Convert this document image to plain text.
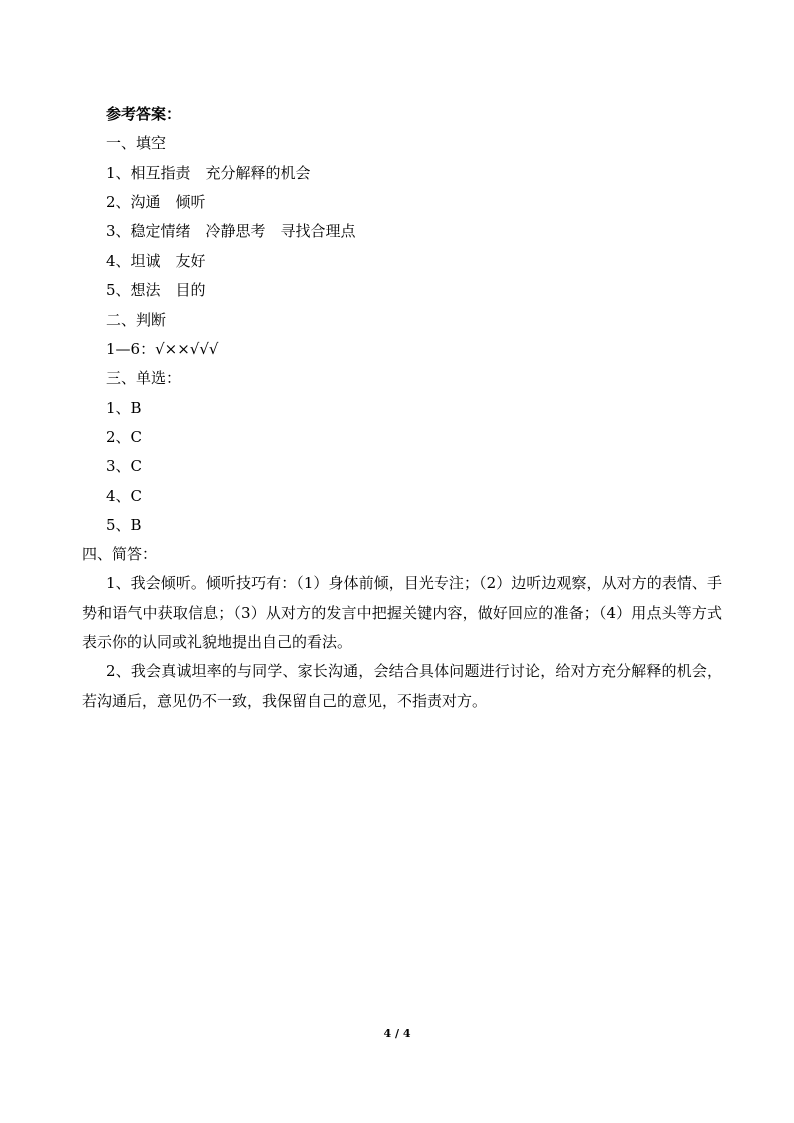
参考答案：
一、填空
1、相互指责　充分解释的机会
2、沟通　倾听
3、稳定情绪　冷静思考　寻找合理点
4、坦诚　友好
5、想法　目的
二、判断
1—6：√××√√√
三、单选：
1、B
2、C
3、C
4、C
5、B
四、简答：
1、我会倾听。倾听技巧有：（1）身体前倾，目光专注；（2）边听边观察，从对方的表情、手势和语气中获取信息；（3）从对方的发言中把握关键内容，做好回应的准备；（4）用点头等方式表示你的认同或礼貌地提出自己的看法。
2、我会真诚坦率的与同学、家长沟通，会结合具体问题进行讨论，给对方充分解释的机会，若沟通后，意见仍不一致，我保留自己的意见，不指责对方。
4 / 4
